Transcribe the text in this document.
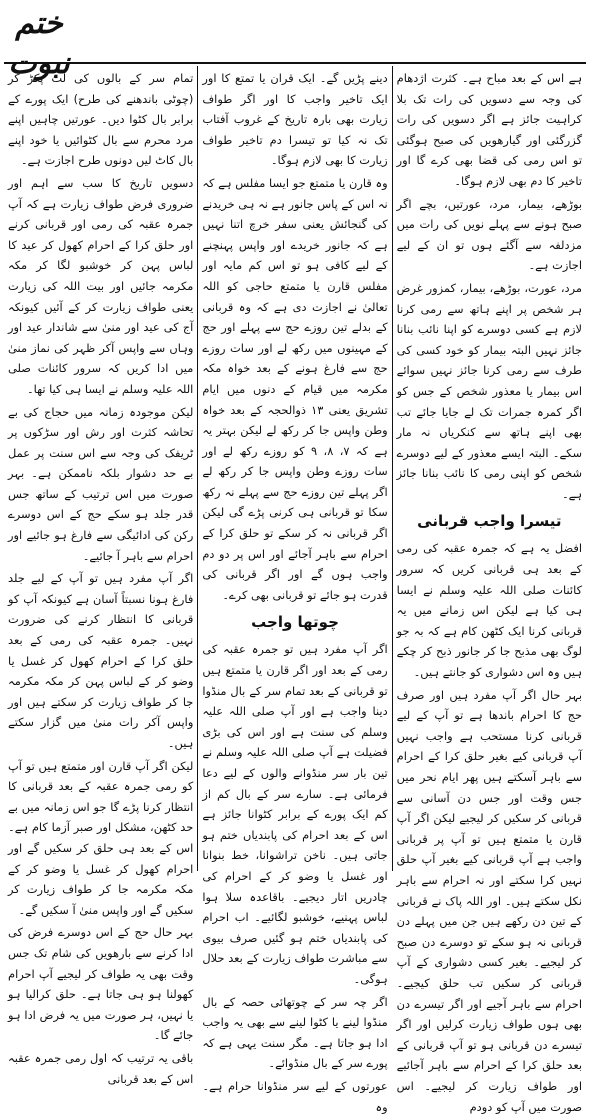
ختم نبوت	ہے اس کے بعد مباح ہے۔ کثرت اژدھام کی وجہ سے دسویں کی رات تک بلا کراہیت جائز ہے اگر دسویں کی رات گزرگئی اور گیارھویں کی صبح ہوگئی تو اس رمی کی قضا بھی کرے گا اور تاخیر کا دم بھی لازم ہوگا۔

بوڑھے، بیمار، مرد، عورتیں، بچے اگر صبح ہونے سے پہلے نویں کی رات میں مزدلفہ سے آگئے ہوں تو ان کے لیے اجازت ہے۔

مرد، عورت، بوڑھے، بیمار، کمزور غرض ہر شخص پر اپنے ہاتھ سے رمی کرنا لازم ہے کسی دوسرے کو اپنا نائب بنانا جائز نہیں البتہ بیمار کو خود کسی کی طرف سے رمی کرنا جائز نہیں سوائے اس بیمار یا معذور شخص کے جس کو اگر کمرہ جمرات تک لے جایا جائے تب بھی اپنے ہاتھ سے کنکریاں نہ مار سکے۔ البتہ ایسے معذور کے لیے دوسرے شخص کو اپنی رمی کا نائب بنانا جائز ہے۔

تیسرا واجب قربانی

افضل یہ ہے کہ جمرہ عقبہ کی رمی کے بعد ہی قربانی کریں کہ سرور کائنات صلی اللہ علیہ وسلم نے ایسا ہی کیا ہے لیکن اس زمانے میں یہ قربانی کرنا ایک کٹھن کام ہے کہ بہ جو لوگ بھی مذبح جا کر جانور ذبح کر چکے ہیں وہ اس دشواری کو جانتے ہیں۔

بہر حال اگر آپ مفرد ہیں اور صرف حج کا احرام باندھا ہے تو آپ کے لیے قربانی کرنا مستحب ہے واجب نہیں آپ قربانی کیے بغیر حلق کرا کے احرام سے باہر آسکتے ہیں پھر ایام نحر میں جس وقت اور جس دن آسانی سے قربانی کر سکیں کر لیجیے لیکن اگر آپ قارن یا متمتع ہیں تو آپ پر قربانی واجب ہے آپ قربانی کیے بغیر آپ حلق نہیں کرا سکتے اور نہ احرام سے باہر نکل سکتے ہیں۔ اور اللہ پاک نے قربانی کے تین دن رکھے ہیں جن میں پہلے دن قربانی نہ ہو سکے تو دوسرے دن صبح کر لیجیے۔ بغیر کسی دشواری کے آپ قربانی کر سکیں تب حلق کیجیے۔ احرام سے باہر آجیے اور اگر تیسرے دن بھی ہوں طواف زیارت کرلیں اور اگر تیسرے دن قربانی ہو تو آپ قربانی کے بعد حلق کرا کے احرام سے باہر آجائیے اور طواف زیارت کر لیجیے۔ اس صورت میں آپ کو دودم

دینے پڑیں گے۔ ایک قران یا تمتع کا اور ایک تاخیر واجب کا اور اگر طواف زیارت بھی بارہ تاریخ کے غروب آفتاب تک نہ کیا تو تیسرا دم تاخیر طواف زیارت کا بھی لازم ہوگا۔

وہ قارن یا متمتع جو ایسا مفلس ہے کہ نہ اس کے پاس جانور ہے نہ ہی خریدنے کی گنجائش یعنی سفر خرچ اتنا نہیں ہے کہ جانور خریدے اور واپس پہنچنے کے لیے کافی ہو تو اس کم مایہ اور مفلس قارن یا متمتع حاجی کو اللہ تعالیٰ نے اجازت دی ہے کہ وہ قربانی کے بدلے تین روزے حج سے پہلے اور حج کے مہینوں میں رکھ لے اور سات روزے حج سے فارغ ہونے کے بعد خواہ مکہ مکرمہ میں قیام کے دنوں میں ایام تشریق یعنی ۱۳ ذوالحجہ کے بعد خواہ وطن واپس جا کر رکھ لے لیکن بہتر یہ ہے کہ ۷، ۸، ۹ کو روزے رکھ لے اور سات روزے وطن واپس جا کر رکھ لے اگر پہلے تین روزے حج سے پہلے نہ رکھ سکا تو قربانی ہی کرنی پڑے گی لیکن اگر قربانی نہ کر سکے تو حلق کرا کے احرام سے باہر آجائے اور اس پر دو دم واجب ہوں گے اور اگر قربانی کی قدرت ہو جائے تو قربانی بھی کرے۔

چوتھا واجب

اگر آپ مفرد ہیں تو جمرہ عقبہ کی رمی کے بعد اور اگر قارن یا متمتع ہیں تو قربانی کے بعد تمام سر کے بال منڈوا دینا واجب ہے اور آپ صلی اللہ علیہ وسلم کی سنت ہے اور اس کی بڑی فضیلت ہے آپ صلی اللہ علیہ وسلم نے تین بار سر منڈوانے والوں کے لیے دعا فرمائی ہے۔ سارے سر کے بال کم از کم ایک پورے کے برابر کٹوانا جائز ہے اس کے بعد احرام کی پابندیاں ختم ہو جاتی ہیں۔ ناخن تراشوانا، خط بنوانا اور غسل یا وضو کر کے احرام کی چادریں اتار دیجیے۔ باقاعدہ سلا ہوا لباس پہنیے، خوشبو لگائیے۔ اب احرام کی پابندیاں ختم ہو گئیں صرف بیوی سے مباشرت طواف زیارت کے بعد حلال ہوگی۔

اگر چہ سر کے چوتھائی حصہ کے بال منڈوا لینے یا کٹوا لینے سے بھی یہ واجب ادا ہو جاتا ہے۔ مگر سنت یہی ہے کہ پورے سر کے بال منڈوائے۔

عورتوں کے لیے سر منڈوانا حرام ہے۔ وہ

تمام سر کے بالوں کی لٹ پکڑ کر (چوٹی باندھنے کی طرح) ایک پورے کے برابر بال کٹوا دیں۔ عورتیں چاہیں اپنے مرد محرم سے بال کٹوائیں یا خود اپنے بال کاٹ لیں دونوں طرح اجازت ہے۔

دسویں تاریخ کا سب سے اہم اور ضروری فرض طواف زیارت ہے کہ آپ جمرہ عقبہ کی رمی اور قربانی کرنے اور حلق کرا کے احرام کھول کر عید کا لباس پہن کر خوشبو لگا کر مکہ مکرمہ جائیں اور بیت اللہ کی زیارت یعنی طواف زیارت کر کے آئیں کیونکہ آج کی عید اور منیٰ سے شاندار عید اور وہاں سے واپس آکر ظہر کی نماز منیٰ میں ادا کریں کہ سرور کائنات صلی اللہ علیہ وسلم نے ایسا ہی کیا تھا۔

لیکن موجودہ زمانہ میں حجاج کی بے تحاشہ کثرت اور رش اور سڑکوں پر ٹریفک کی وجہ سے اس سنت پر عمل بے حد دشوار بلکہ ناممکن ہے۔ بہر صورت میں اس ترتیب کے ساتھ جس قدر جلد ہو سکے حج کے اس دوسرے رکن کی ادائیگی سے فارغ ہو جائیے اور احرام سے باہر آ جائیے۔

اگر آپ مفرد ہیں تو آپ کے لیے جلد فارغ ہونا نسبتاً آسان ہے کیونکہ آپ کو قربانی کا انتظار کرنے کی ضرورت نہیں۔ جمرہ عقبہ کی رمی کے بعد حلق کرا کے احرام کھول کر غسل یا وضو کر کے لباس پہن کر مکہ مکرمہ جا کر طواف زیارت کر سکتے ہیں اور واپس آکر رات منیٰ میں گزار سکتے ہیں۔

لیکن اگر آپ قارن اور متمتع ہیں تو آپ کو رمی جمرہ عقبہ کے بعد قربانی کا انتظار کرنا پڑے گا جو اس زمانہ میں بے حد کٹھن، مشکل اور صبر آزما کام ہے۔ اس کے بعد ہی حلق کر سکیں گے اور احرام کھول کر غسل یا وضو کر کے مکہ مکرمہ جا کر طواف زیارت کر سکیں گے اور واپس منیٰ آ سکیں گے۔

بہر حال حج کے اس دوسرے فرض کی ادا کرنے سے بارھویں کی شام تک جس وقت بھی یہ طواف کر لیجیے آپ احرام کھولنا ہو ہی جاتا ہے۔ حلق کرالیا ہو یا نہیں، ہر صورت میں یہ فرض ادا ہو جائے گا۔

باقی یہ ترتیب کہ اول رمی جمرہ عقبہ اس کے بعد قربانی
